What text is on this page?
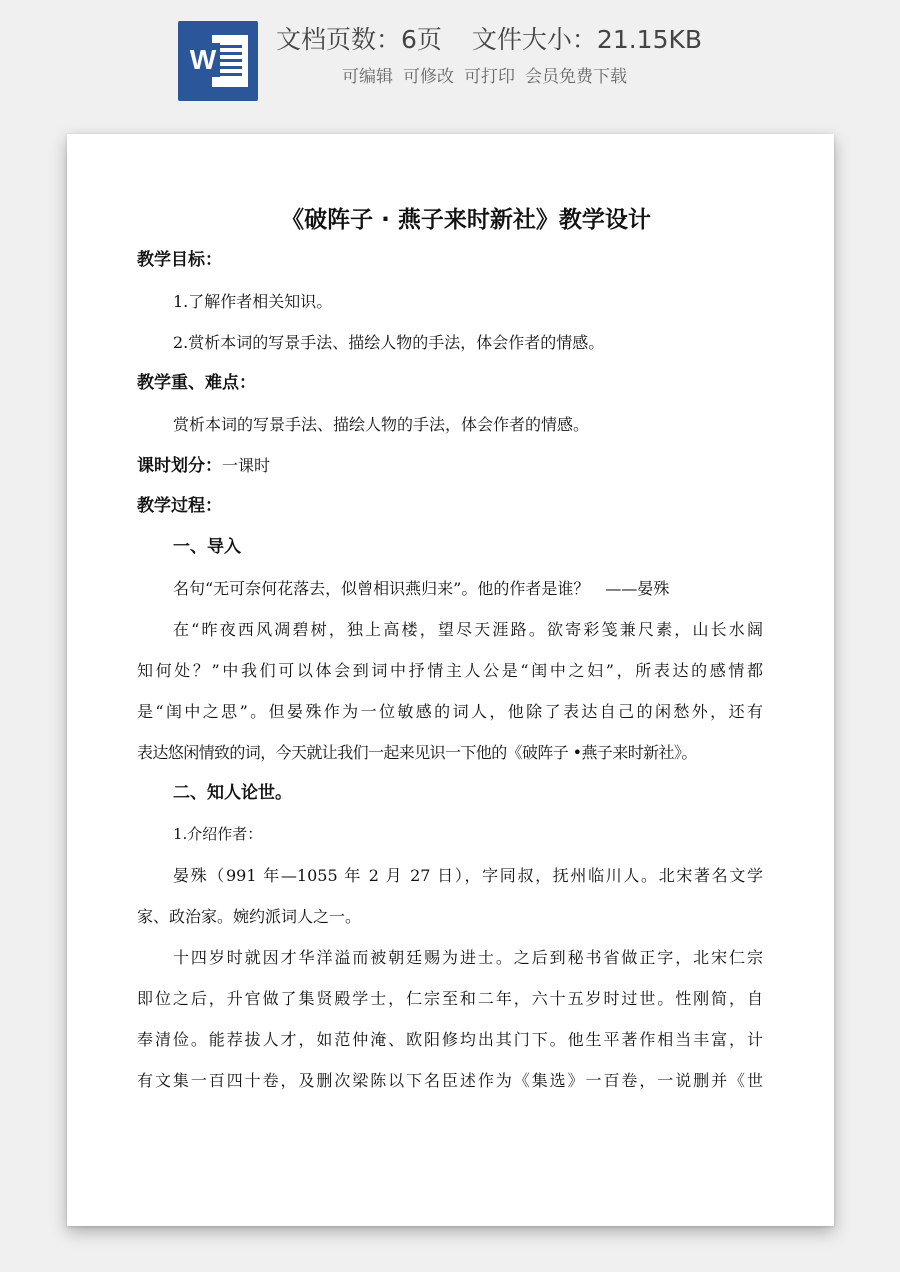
W
文档页数：6页 文件大小：21.15KB
可编辑 可修改 可打印 会员免费下载
《破阵子 · 燕子来时新社》教学设计
教学目标：
1.了解作者相关知识。
2.赏析本词的写景手法、描绘人物的手法，体会作者的情感。
教学重、难点：
赏析本词的写景手法、描绘人物的手法，体会作者的情感。
课时划分：一课时
教学过程：
一、导入
名句“无可奈何花落去，似曾相识燕归来”。他的作者是谁？　——晏殊
在“昨夜西风凋碧树，独上高楼，望尽天涯路。欲寄彩笺兼尺素，山长水阔
知何处？”中我们可以体会到词中抒情主人公是“闺中之妇”，所表达的感情都
是“闺中之思”。但晏殊作为一位敏感的词人，他除了表达自己的闲愁外，还有
表达悠闲情致的词，今天就让我们一起来见识一下他的《破阵子 •燕子来时新社》。
二、知人论世。
1.介绍作者：
晏殊（991 年—1055 年 2 月 27 日），字同叔，抚州临川人。北宋著名文学
家、政治家。婉约派词人之一。
十四岁时就因才华洋溢而被朝廷赐为进士。之后到秘书省做正字，北宋仁宗
即位之后，升官做了集贤殿学士，仁宗至和二年，六十五岁时过世。性刚简，自
奉清俭。能荐拔人才，如范仲淹、欧阳修均出其门下。他生平著作相当丰富，计
有文集一百四十卷，及删次梁陈以下名臣述作为《集选》一百卷，一说删并《世
